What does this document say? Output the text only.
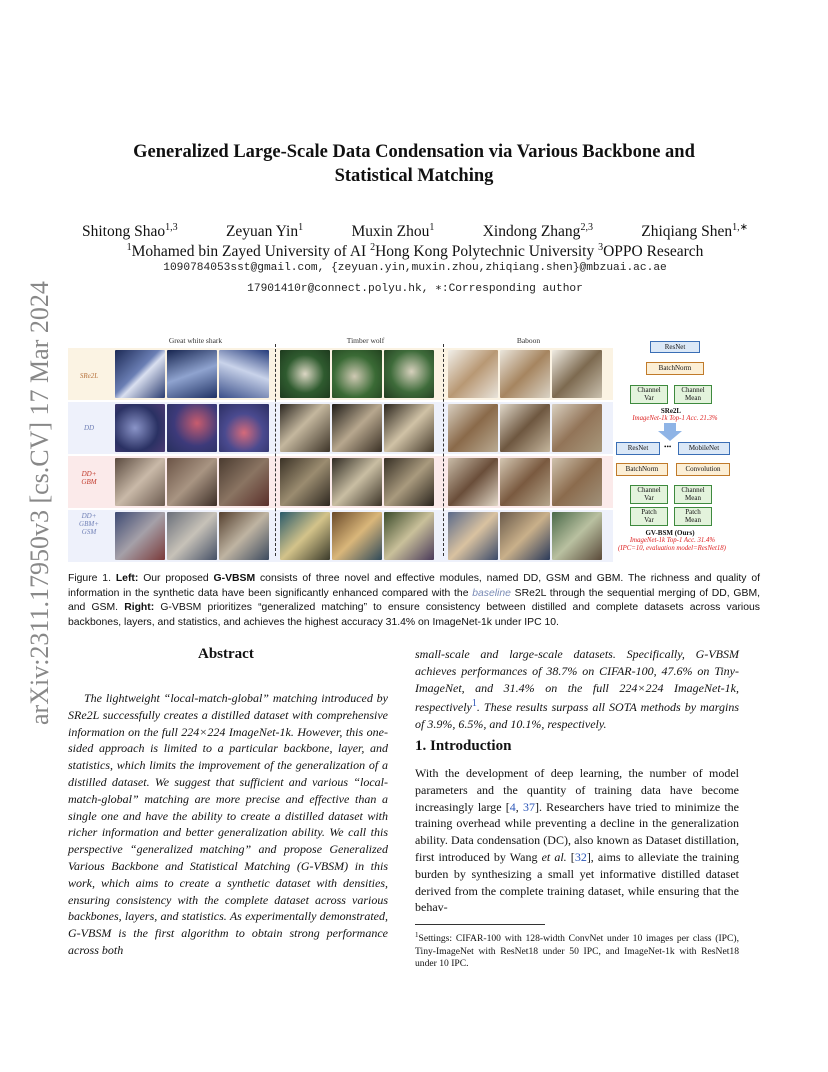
arXiv:2311.17950v3 [cs.CV] 17 Mar 2024
Generalized Large-Scale Data Condensation via Various Backbone and
Statistical Matching
Shitong Shao$^{1,3}$	Zeyuan Yin$^1$	Muxin Zhou$^1$	Xindong Zhang$^{2,3}$	Zhiqiang Shen$^{1,∗}$
$^1$Mohamed bin Zayed University of AI $^2$Hong Kong Polytechnic University $^3$OPPO Research
1090784053sst@gmail.com, {zeyuan.yin,muxin.zhou,zhiqiang.shen}@mbzuai.ac.ae
17901410r@connect.polyu.hk, ∗:Corresponding author
Great white shark	Timber wolf	Baboon
SRe2L
DD
DD+
GBM
DD+
GBM+
GSM
ResNet
BatchNorm
Channel
Var
Channel
Mean
SRe2L
ImageNet-1k Top-1 Acc. 21.3%
ResNet	•••	MobileNet
BatchNorm	Convolution
Channel
Var
Channel
Mean
Patch
Var
Patch
Mean
GV-BSM (Ours)
ImageNet-1k Top-1 Acc. 31.4%
(IPC=10, evaluation model=ResNet18)
Figure 1. Left: Our proposed G-VBSM consists of three novel and effective modules, named DD, GSM and GBM. The richness and quality of information in the synthetic data have been significantly enhanced compared with the baseline SRe2L through the sequential merging of DD, GBM, and GSM. Right: G-VBSM prioritizes “generalized matching” to ensure consistency between distilled and complete datasets across various backbones, layers, and statistics, and achieves the highest accuracy 31.4% on ImageNet-1k under IPC 10.
Abstract
The lightweight “local-match-global” matching introduced by SRe2L successfully creates a distilled dataset with comprehensive information on the full 224×224 ImageNet-1k. However, this one-sided approach is limited to a particular backbone, layer, and statistics, which limits the improvement of the generalization of a distilled dataset. We suggest that sufficient and various “local-match-global” matching are more precise and effective than a single one and have the ability to create a distilled dataset with richer information and better generalization ability. We call this perspective “generalized matching” and propose Generalized Various Backbone and Statistical Matching (G-VBSM) in this work, which aims to create a synthetic dataset with densities, ensuring consistency with the complete dataset across various backbones, layers, and statistics. As experimentally demonstrated, G-VBSM is the first algorithm to obtain strong performance across both
small-scale and large-scale datasets. Specifically, G-VBSM achieves performances of 38.7% on CIFAR-100, 47.6% on Tiny-ImageNet, and 31.4% on the full 224×224 ImageNet-1k, respectively$^1$. These results surpass all SOTA methods by margins of 3.9%, 6.5%, and 10.1%, respectively.
1. Introduction
With the development of deep learning, the number of model parameters and the quantity of training data have become increasingly large [4, 37]. Researchers have tried to minimize the training overhead while preventing a decline in the generalization ability. Data condensation (DC), also known as Dataset distillation, first introduced by Wang et al. [32], aims to alleviate the training burden by synthesizing a small yet informative distilled dataset derived from the complete training dataset, while ensuring that the behav-
$^1$Settings: CIFAR-100 with 128-width ConvNet under 10 images per class (IPC), Tiny-ImageNet with ResNet18 under 50 IPC, and ImageNet-1k with ResNet18 under 10 IPC.
